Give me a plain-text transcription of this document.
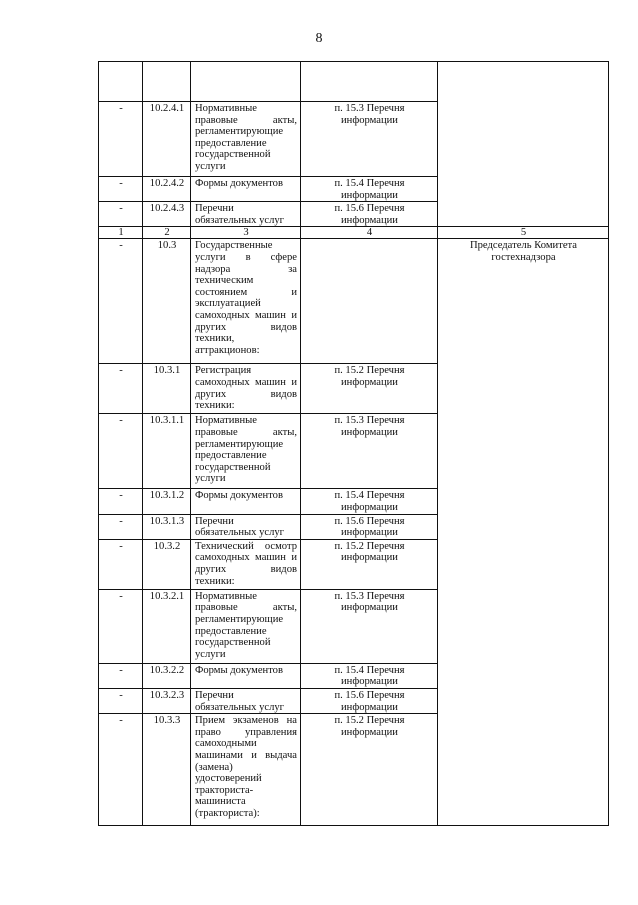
8

-	10.2.4.1	Нормативные правовые акты, регламентирующие предоставление государственной услуги	п. 15.3 Перечня информации	
-	10.2.4.2	Формы документов	п. 15.4 Перечня информации	
-	10.2.4.3	Перечни обязательных услуг	п. 15.6 Перечня информации	
1	2	3	4	5
-	10.3	Государственные услуги в сфере надзора за техническим состоянием и эксплуатацией самоходных машин и других видов техники, аттракционов:		Председатель Комитета гостехнадзора
-	10.3.1	Регистрация самоходных машин и других видов техники:	п. 15.2 Перечня информации	
-	10.3.1.1	Нормативные правовые акты, регламентирующие предоставление государственной услуги	п. 15.3 Перечня информации	
-	10.3.1.2	Формы документов	п. 15.4 Перечня информации	
-	10.3.1.3	Перечни обязательных услуг	п. 15.6 Перечня информации	
-	10.3.2	Технический осмотр самоходных машин и других видов техники:	п. 15.2 Перечня информации	
-	10.3.2.1	Нормативные правовые акты, регламентирующие предоставление государственной услуги	п. 15.3 Перечня информации	
-	10.3.2.2	Формы документов	п. 15.4 Перечня информации	
-	10.3.2.3	Перечни обязательных услуг	п. 15.6 Перечня информации	
-	10.3.3	Прием экзаменов на право управления самоходными машинами и выдача (замена) удостоверений тракториста-машиниста (тракториста):	п. 15.2 Перечня информации	
